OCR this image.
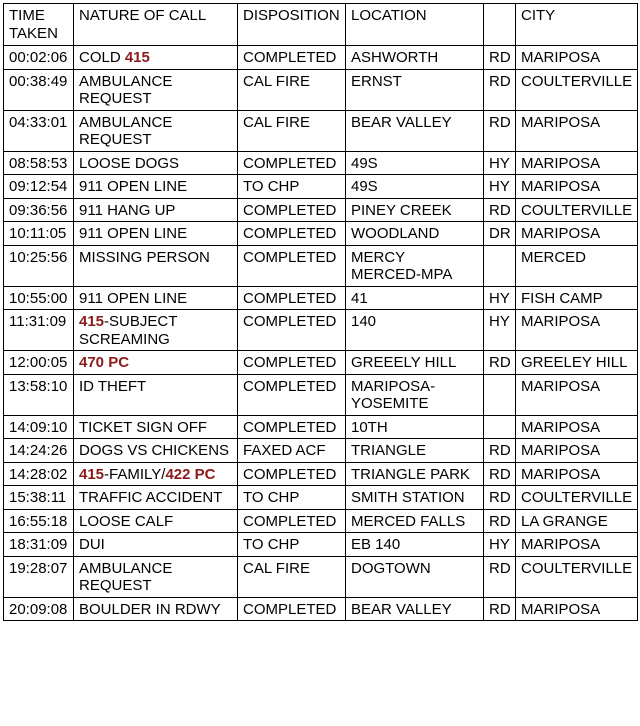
TIME TAKEN	NATURE OF CALL	DISPOSITION	LOCATION		CITY
00:02:06	COLD 415	COMPLETED	ASHWORTH	RD	MARIPOSA
00:38:49	AMBULANCE REQUEST	CAL FIRE	ERNST	RD	COULTERVILLE
04:33:01	AMBULANCE REQUEST	CAL FIRE	BEAR VALLEY	RD	MARIPOSA
08:58:53	LOOSE DOGS	COMPLETED	49S	HY	MARIPOSA
09:12:54	911 OPEN LINE	TO CHP	49S	HY	MARIPOSA
09:36:56	911 HANG UP	COMPLETED	PINEY CREEK	RD	COULTERVILLE
10:11:05	911 OPEN LINE	COMPLETED	WOODLAND	DR	MARIPOSA
10:25:56	MISSING PERSON	COMPLETED	MERCY MERCED-MPA		MERCED
10:55:00	911 OPEN LINE	COMPLETED	41	HY	FISH CAMP
11:31:09	415-SUBJECT SCREAMING	COMPLETED	140	HY	MARIPOSA
12:00:05	470 PC	COMPLETED	GREEELY HILL	RD	GREELEY HILL
13:58:10	ID THEFT	COMPLETED	MARIPOSA-YOSEMITE		MARIPOSA
14:09:10	TICKET SIGN OFF	COMPLETED	10TH		MARIPOSA
14:24:26	DOGS VS CHICKENS	FAXED ACF	TRIANGLE	RD	MARIPOSA
14:28:02	415-FAMILY/422 PC	COMPLETED	TRIANGLE PARK	RD	MARIPOSA
15:38:11	TRAFFIC ACCIDENT	TO CHP	SMITH STATION	RD	COULTERVILLE
16:55:18	LOOSE CALF	COMPLETED	MERCED FALLS	RD	LA GRANGE
18:31:09	DUI	TO CHP	EB 140	HY	MARIPOSA
19:28:07	AMBULANCE REQUEST	CAL FIRE	DOGTOWN	RD	COULTERVILLE
20:09:08	BOULDER IN RDWY	COMPLETED	BEAR VALLEY	RD	MARIPOSA
